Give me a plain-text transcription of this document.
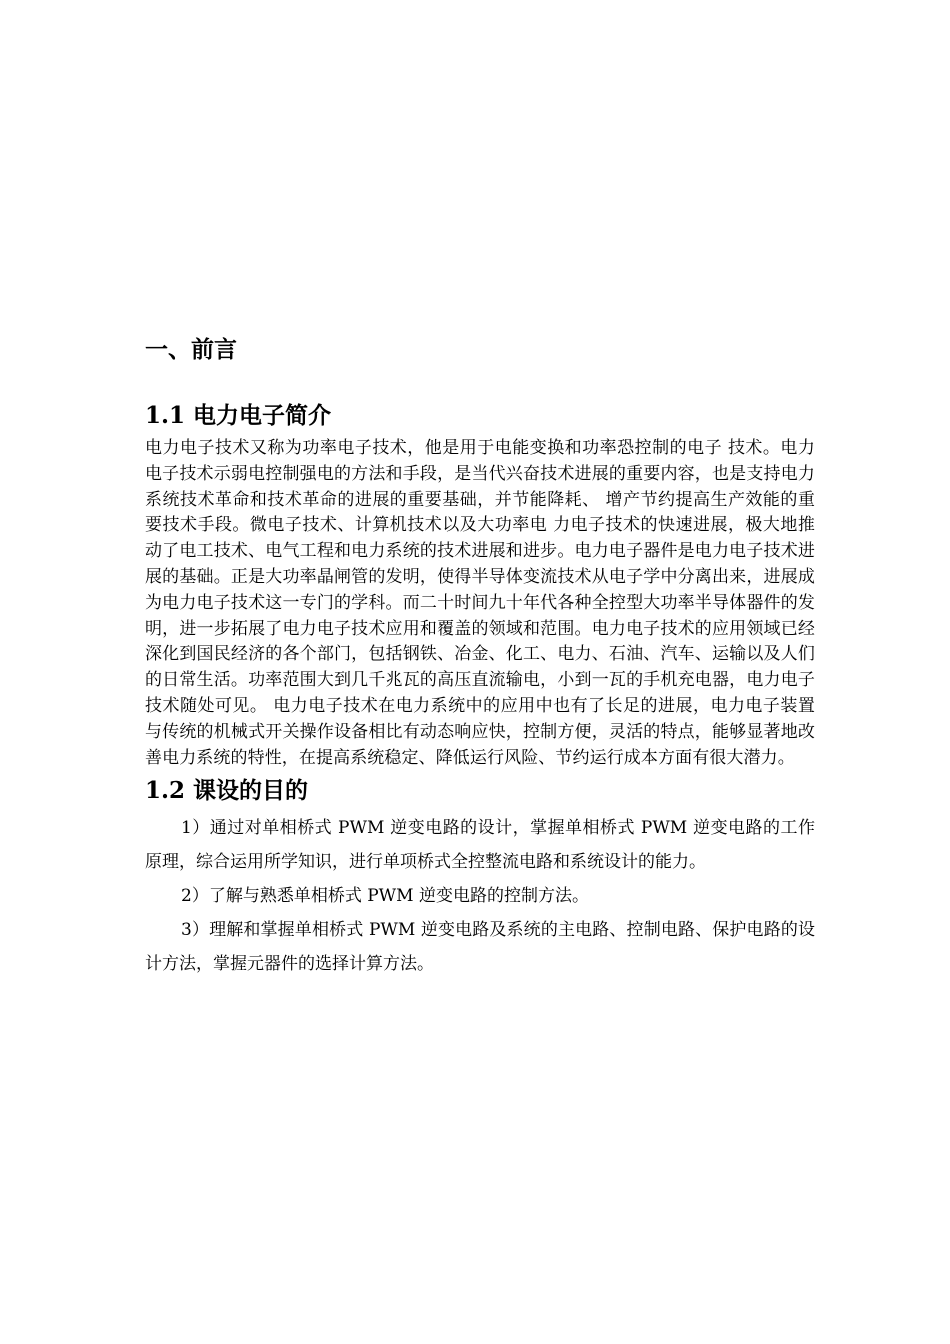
一、前言
1.1 电力电子简介

电力电子技术又称为功率电子技术，他是用于电能变换和功率恐控制的电子 技术。电力电子技术示弱电控制强电的方法和手段，是当代兴奋技术进展的重要内容，也是支持电力系统技术革命和技术革命的进展的重要基础，并节能降耗、 增产节约提高生产效能的重要技术手段。微电子技术、计算机技术以及大功率电 力电子技术的快速进展，极大地推动了电工技术、电气工程和电力系统的技术进展和进步。电力电子器件是电力电子技术进展的基础。正是大功率晶闸管的发明，使得半导体变流技术从电子学中分离出来，进展成为电力电子技术这一专门的学科。而二十时间九十年代各种全控型大功率半导体器件的发明，进一步拓展了电力电子技术应用和覆盖的领域和范围。电力电子技术的应用领域已经深化到国民经济的各个部门，包括钢铁、冶金、化工、电力、石油、汽车、运输以及人们的日常生活。功率范围大到几千兆瓦的高压直流输电，小到一瓦的手机充电器，电力电子技术随处可见。 电力电子技术在电力系统中的应用中也有了长足的进展，电力电子装置与传统的机械式开关操作设备相比有动态响应快，控制方便，灵活的特点，能够显著地改善电力系统的特性，在提高系统稳定、降低运行风险、节约运行成本方面有很大潜力。

1.2 课设的目的

1）通过对单相桥式 PWM 逆变电路的设计，掌握单相桥式 PWM 逆变电路的工作原理，综合运用所学知识，进行单项桥式全控整流电路和系统设计的能力。

2）了解与熟悉单相桥式 PWM 逆变电路的控制方法。

3）理解和掌握单相桥式 PWM 逆变电路及系统的主电路、控制电路、保护电路的设计方法，掌握元器件的选择计算方法。
